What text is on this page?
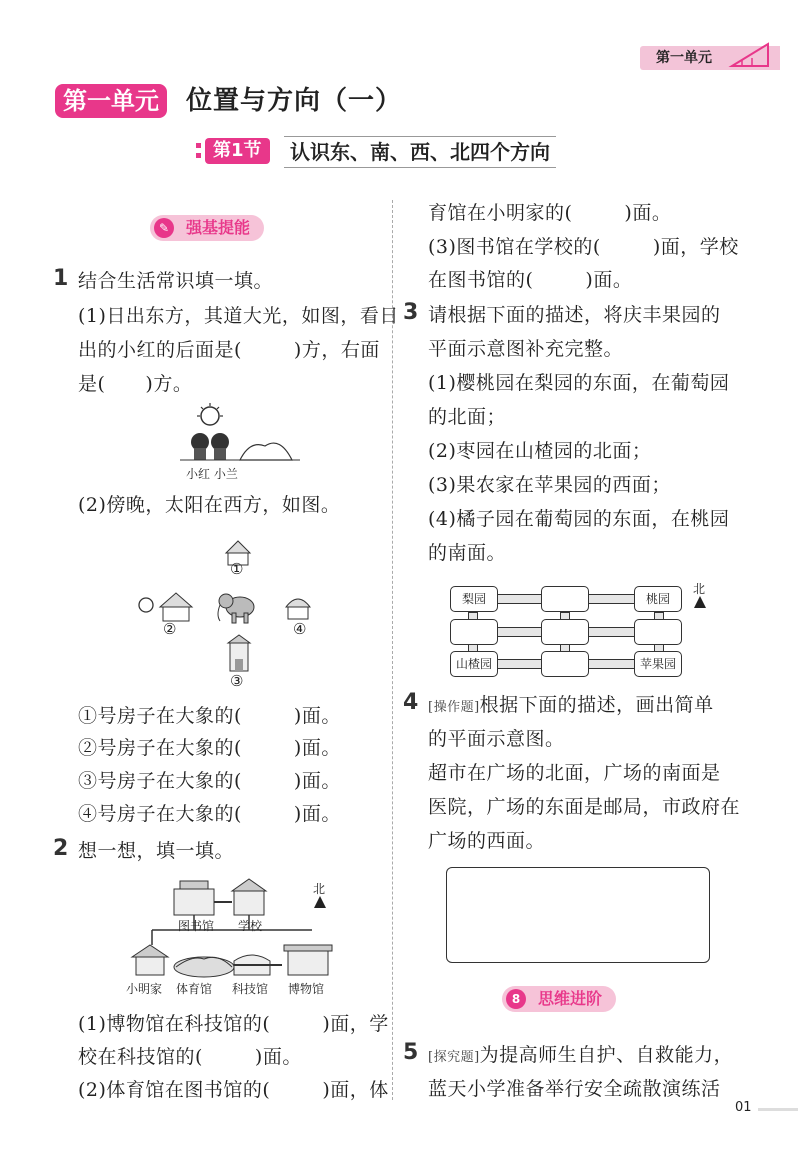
第一单元
第一单元	位置与方向（一）
第1节	认识东、南、西、北四个方向
✎	强基提能
1 结合生活常识填一填。
(1)日出东方，其道大光，如图，看日
出的小红的后面是(	)方，右面
是( )方。
小红 小兰
(2)傍晚，太阳在西方，如图。
①
②
③
④
①号房子在大象的(	)面。
②号房子在大象的(	)面。
③号房子在大象的(	)面。
④号房子在大象的(	)面。
2 想一想，填一填。
图书馆 学校
小明家 体育馆 科技馆 博物馆
北
(1)博物馆在科技馆的(	)面，学
校在科技馆的(	)面。
(2)体育馆在图书馆的(	)面，体
育馆在小明家的(	)面。
(3)图书馆在学校的(	)面，学校
在图书馆的(	)面。
3 请根据下面的描述，将庆丰果园的
平面示意图补充完整。
(1)樱桃园在梨园的东面，在葡萄园
的北面；
(2)枣园在山楂园的北面；
(3)果农家在苹果园的西面；
(4)橘子园在葡萄园的东面，在桃园
的南面。
梨园	桃园
山楂园	苹果园
北
4 [操作题]根据下面的描述，画出简单
的平面示意图。
超市在广场的北面，广场的南面是
医院，广场的东面是邮局，市政府在
广场的西面。
8	思维进阶
5 [探究题]为提高师生自护、自救能力，
蓝天小学准备举行安全疏散演练活
01
